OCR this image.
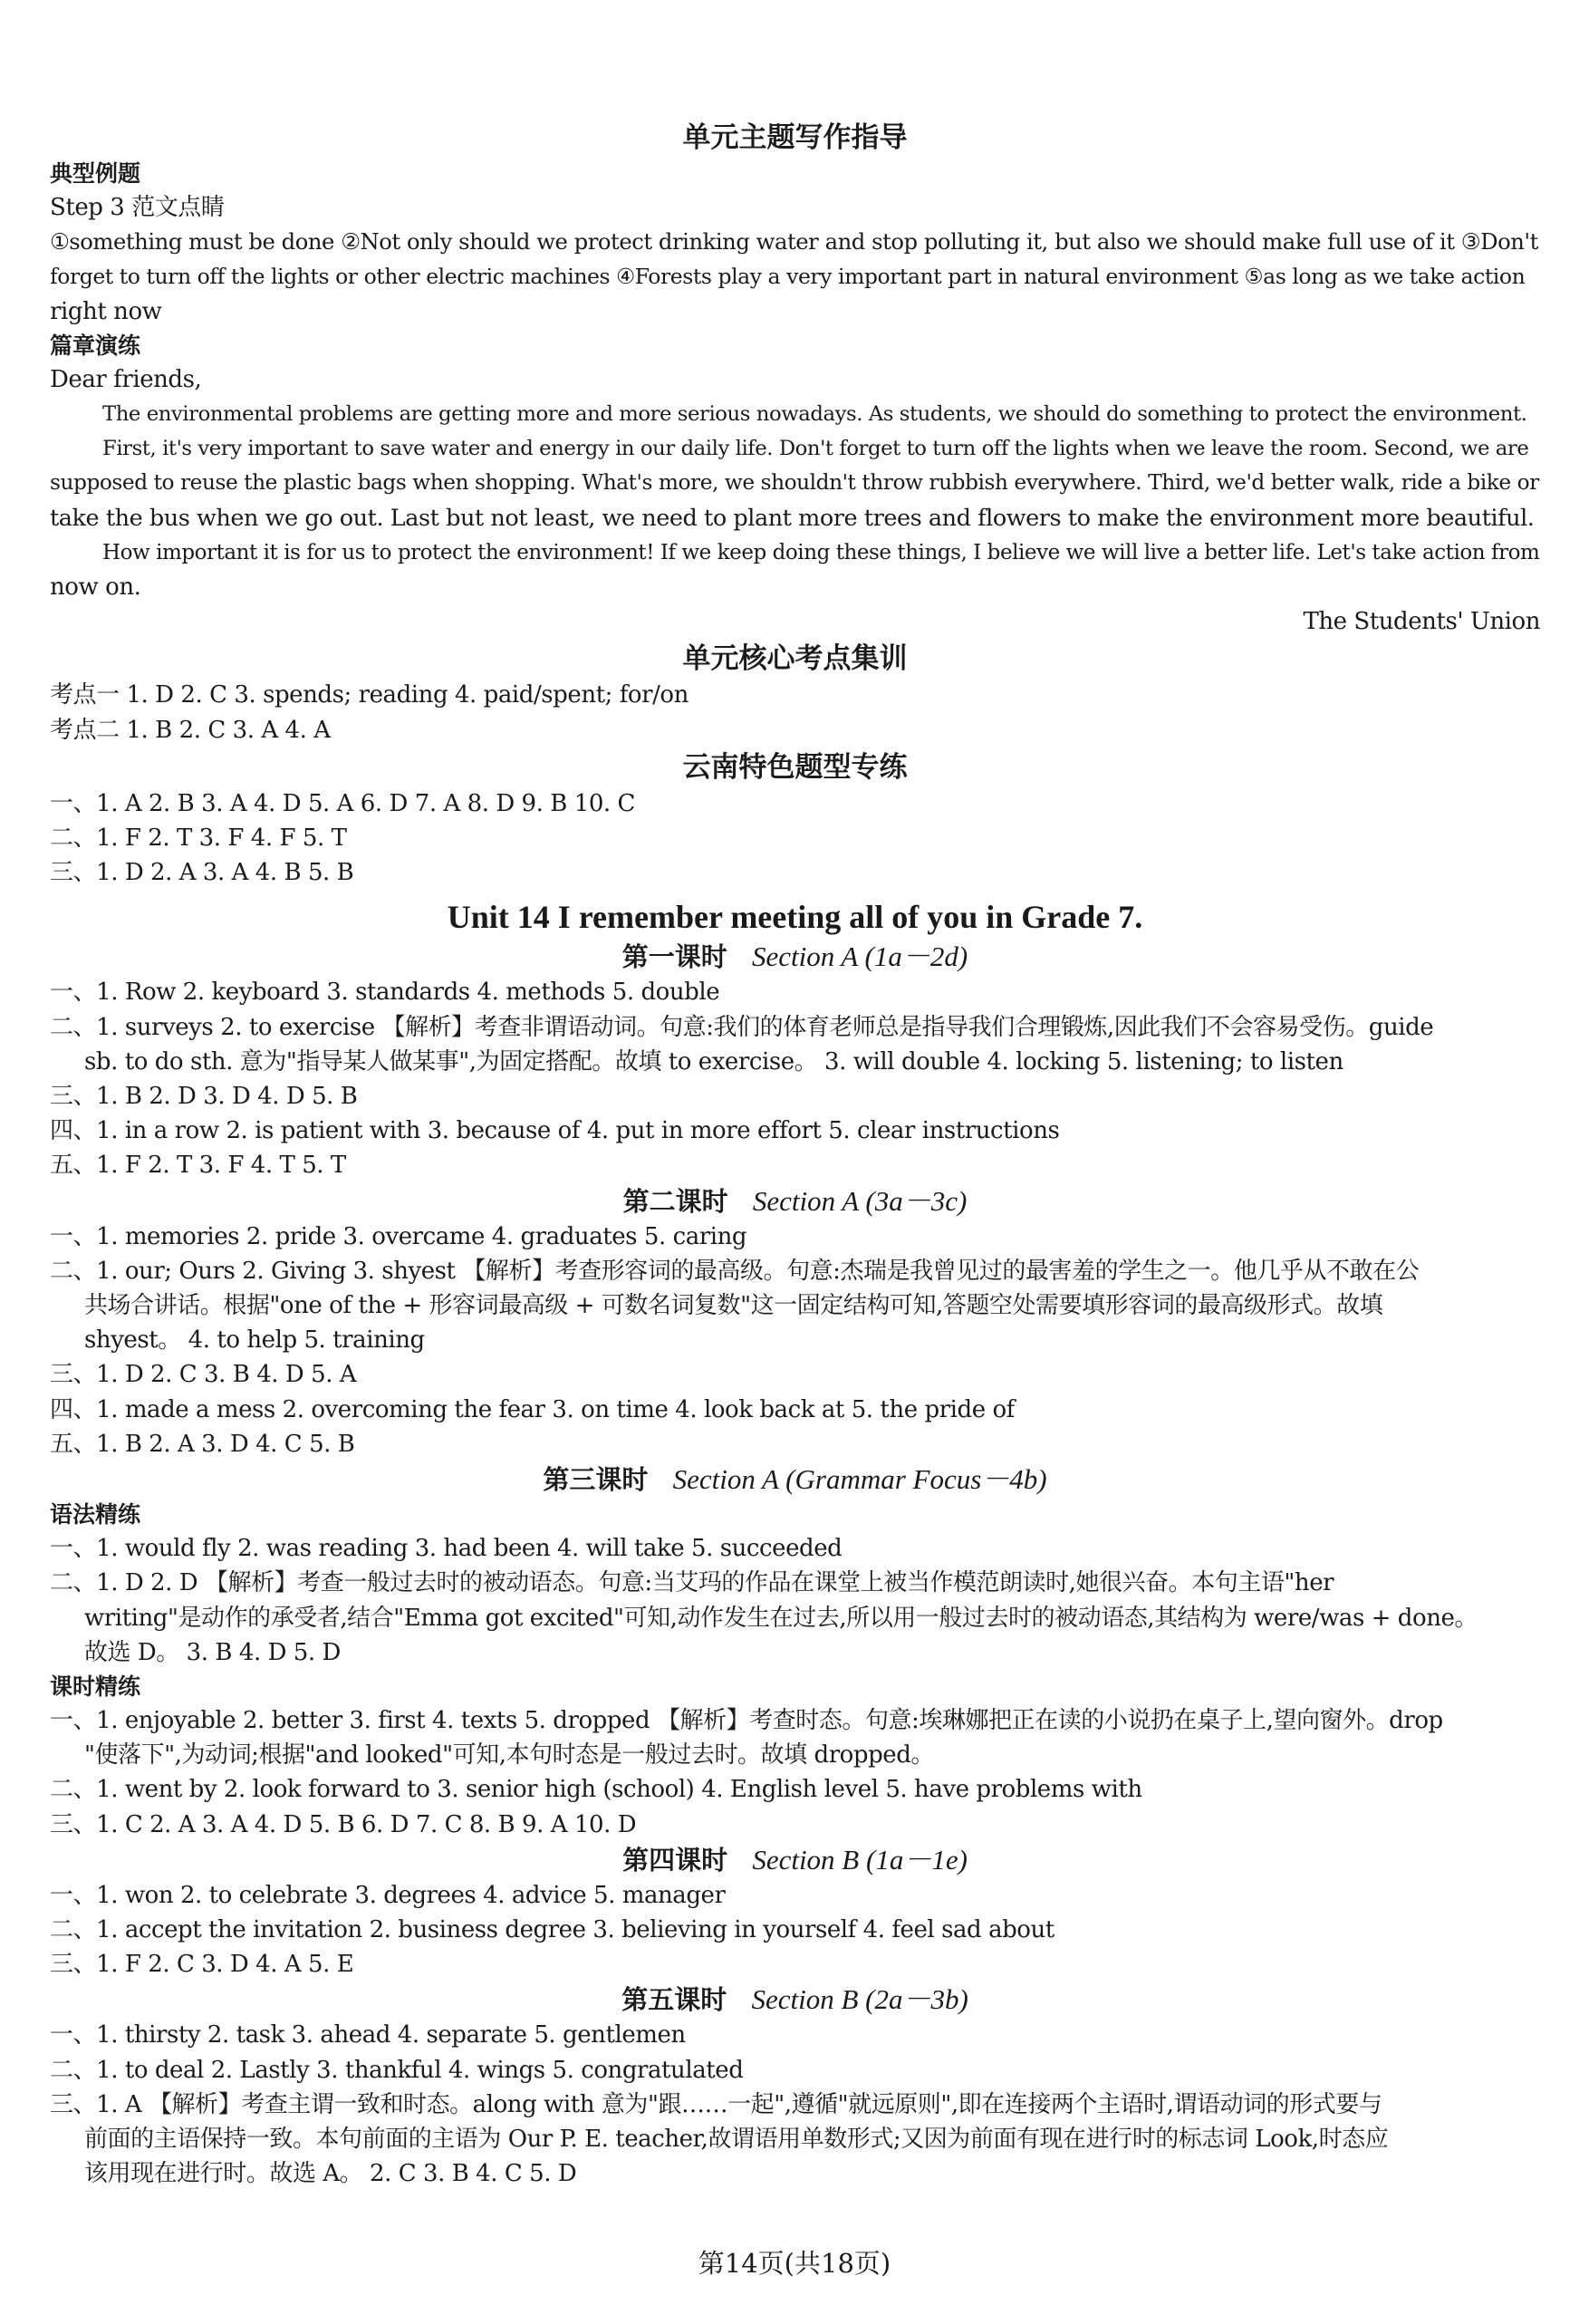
单元主题写作指导
典型例题
Step 3 范文点睛
①something must be done ②Not only should we protect drinking water and stop polluting it, but also we should make full use of it ③Don't
forget to turn off the lights or other electric machines ④Forests play a very important part in natural environment ⑤as long as we take action
right now
篇章演练
Dear friends,
The environmental problems are getting more and more serious nowadays. As students, we should do something to protect the environment.
First, it's very important to save water and energy in our daily life. Don't forget to turn off the lights when we leave the room. Second, we are
supposed to reuse the plastic bags when shopping. What's more, we shouldn't throw rubbish everywhere. Third, we'd better walk, ride a bike or
take the bus when we go out. Last but not least, we need to plant more trees and flowers to make the environment more beautiful.
How important it is for us to protect the environment! If we keep doing these things, I believe we will live a better life. Let's take action from
now on.
The Students' Union
单元核心考点集训
考点一 1. D 2. C 3. spends; reading 4. paid/spent; for/on
考点二 1. B 2. C 3. A 4. A
云南特色题型专练
一、1. A 2. B 3. A 4. D 5. A 6. D 7. A 8. D 9. B 10. C
二、1. F 2. T 3. F 4. F 5. T
三、1. D 2. A 3. A 4. B 5. B
Unit 14 I remember meeting all of you in Grade 7.
第一课时 Section A (1a－2d)
一、1. Row 2. keyboard 3. standards 4. methods 5. double
二、1. surveys 2. to exercise 【解析】考查非谓语动词。句意:我们的体育老师总是指导我们合理锻炼,因此我们不会容易受伤。guide
sb. to do sth. 意为"指导某人做某事",为固定搭配。故填 to exercise。 3. will double 4. locking 5. listening; to listen
三、1. B 2. D 3. D 4. D 5. B
四、1. in a row 2. is patient with 3. because of 4. put in more effort 5. clear instructions
五、1. F 2. T 3. F 4. T 5. T
第二课时 Section A (3a－3c)
一、1. memories 2. pride 3. overcame 4. graduates 5. caring
二、1. our; Ours 2. Giving 3. shyest 【解析】考查形容词的最高级。句意:杰瑞是我曾见过的最害羞的学生之一。他几乎从不敢在公
共场合讲话。根据"one of the + 形容词最高级 + 可数名词复数"这一固定结构可知,答题空处需要填形容词的最高级形式。故填
shyest。 4. to help 5. training
三、1. D 2. C 3. B 4. D 5. A
四、1. made a mess 2. overcoming the fear 3. on time 4. look back at 5. the pride of
五、1. B 2. A 3. D 4. C 5. B
第三课时 Section A (Grammar Focus－4b)
语法精练
一、1. would fly 2. was reading 3. had been 4. will take 5. succeeded
二、1. D 2. D 【解析】考查一般过去时的被动语态。句意:当艾玛的作品在课堂上被当作模范朗读时,她很兴奋。本句主语"her
writing"是动作的承受者,结合"Emma got excited"可知,动作发生在过去,所以用一般过去时的被动语态,其结构为 were/was + done。
故选 D。 3. B 4. D 5. D
课时精练
一、1. enjoyable 2. better 3. first 4. texts 5. dropped 【解析】考查时态。句意:埃琳娜把正在读的小说扔在桌子上,望向窗外。drop
"使落下",为动词;根据"and looked"可知,本句时态是一般过去时。故填 dropped。
二、1. went by 2. look forward to 3. senior high (school) 4. English level 5. have problems with
三、1. C 2. A 3. A 4. D 5. B 6. D 7. C 8. B 9. A 10. D
第四课时 Section B (1a－1e)
一、1. won 2. to celebrate 3. degrees 4. advice 5. manager
二、1. accept the invitation 2. business degree 3. believing in yourself 4. feel sad about
三、1. F 2. C 3. D 4. A 5. E
第五课时 Section B (2a－3b)
一、1. thirsty 2. task 3. ahead 4. separate 5. gentlemen
二、1. to deal 2. Lastly 3. thankful 4. wings 5. congratulated
三、1. A 【解析】考查主谓一致和时态。along with 意为"跟……一起",遵循"就远原则",即在连接两个主语时,谓语动词的形式要与
前面的主语保持一致。本句前面的主语为 Our P. E. teacher,故谓语用单数形式;又因为前面有现在进行时的标志词 Look,时态应
该用现在进行时。故选 A。 2. C 3. B 4. C 5. D
第14页(共18页)
